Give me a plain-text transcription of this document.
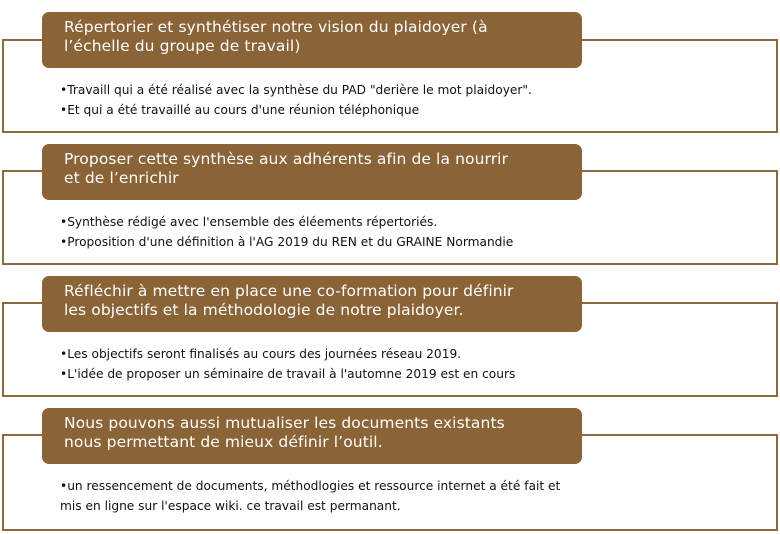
Répertorier et synthétiser notre vision du plaidoyer (à
l’échelle du groupe de travail)
•Travaill qui a été réalisé avec la synthèse du PAD "derière le mot plaidoyer".
•Et qui a été travaillé au cours d'une réunion téléphonique
Proposer cette synthèse aux adhérents afin de la nourrir
et de l’enrichir
•Synthèse rédigé avec l'ensemble des éléements répertoriés.
•Proposition d'une définition à l'AG 2019 du REN et du GRAINE Normandie
Réfléchir à mettre en place une co-formation pour définir
les objectifs et la méthodologie de notre plaidoyer.
•Les objectifs seront finalisés au cours des journées réseau 2019.
•L'idée de proposer un séminaire de travail à l'automne 2019 est en cours
Nous pouvons aussi mutualiser les documents existants
nous permettant de mieux définir l’outil.
•un ressencement de documents, méthodlogies et ressource internet a été fait et
mis en ligne sur l'espace wiki. ce travail est permanant.
